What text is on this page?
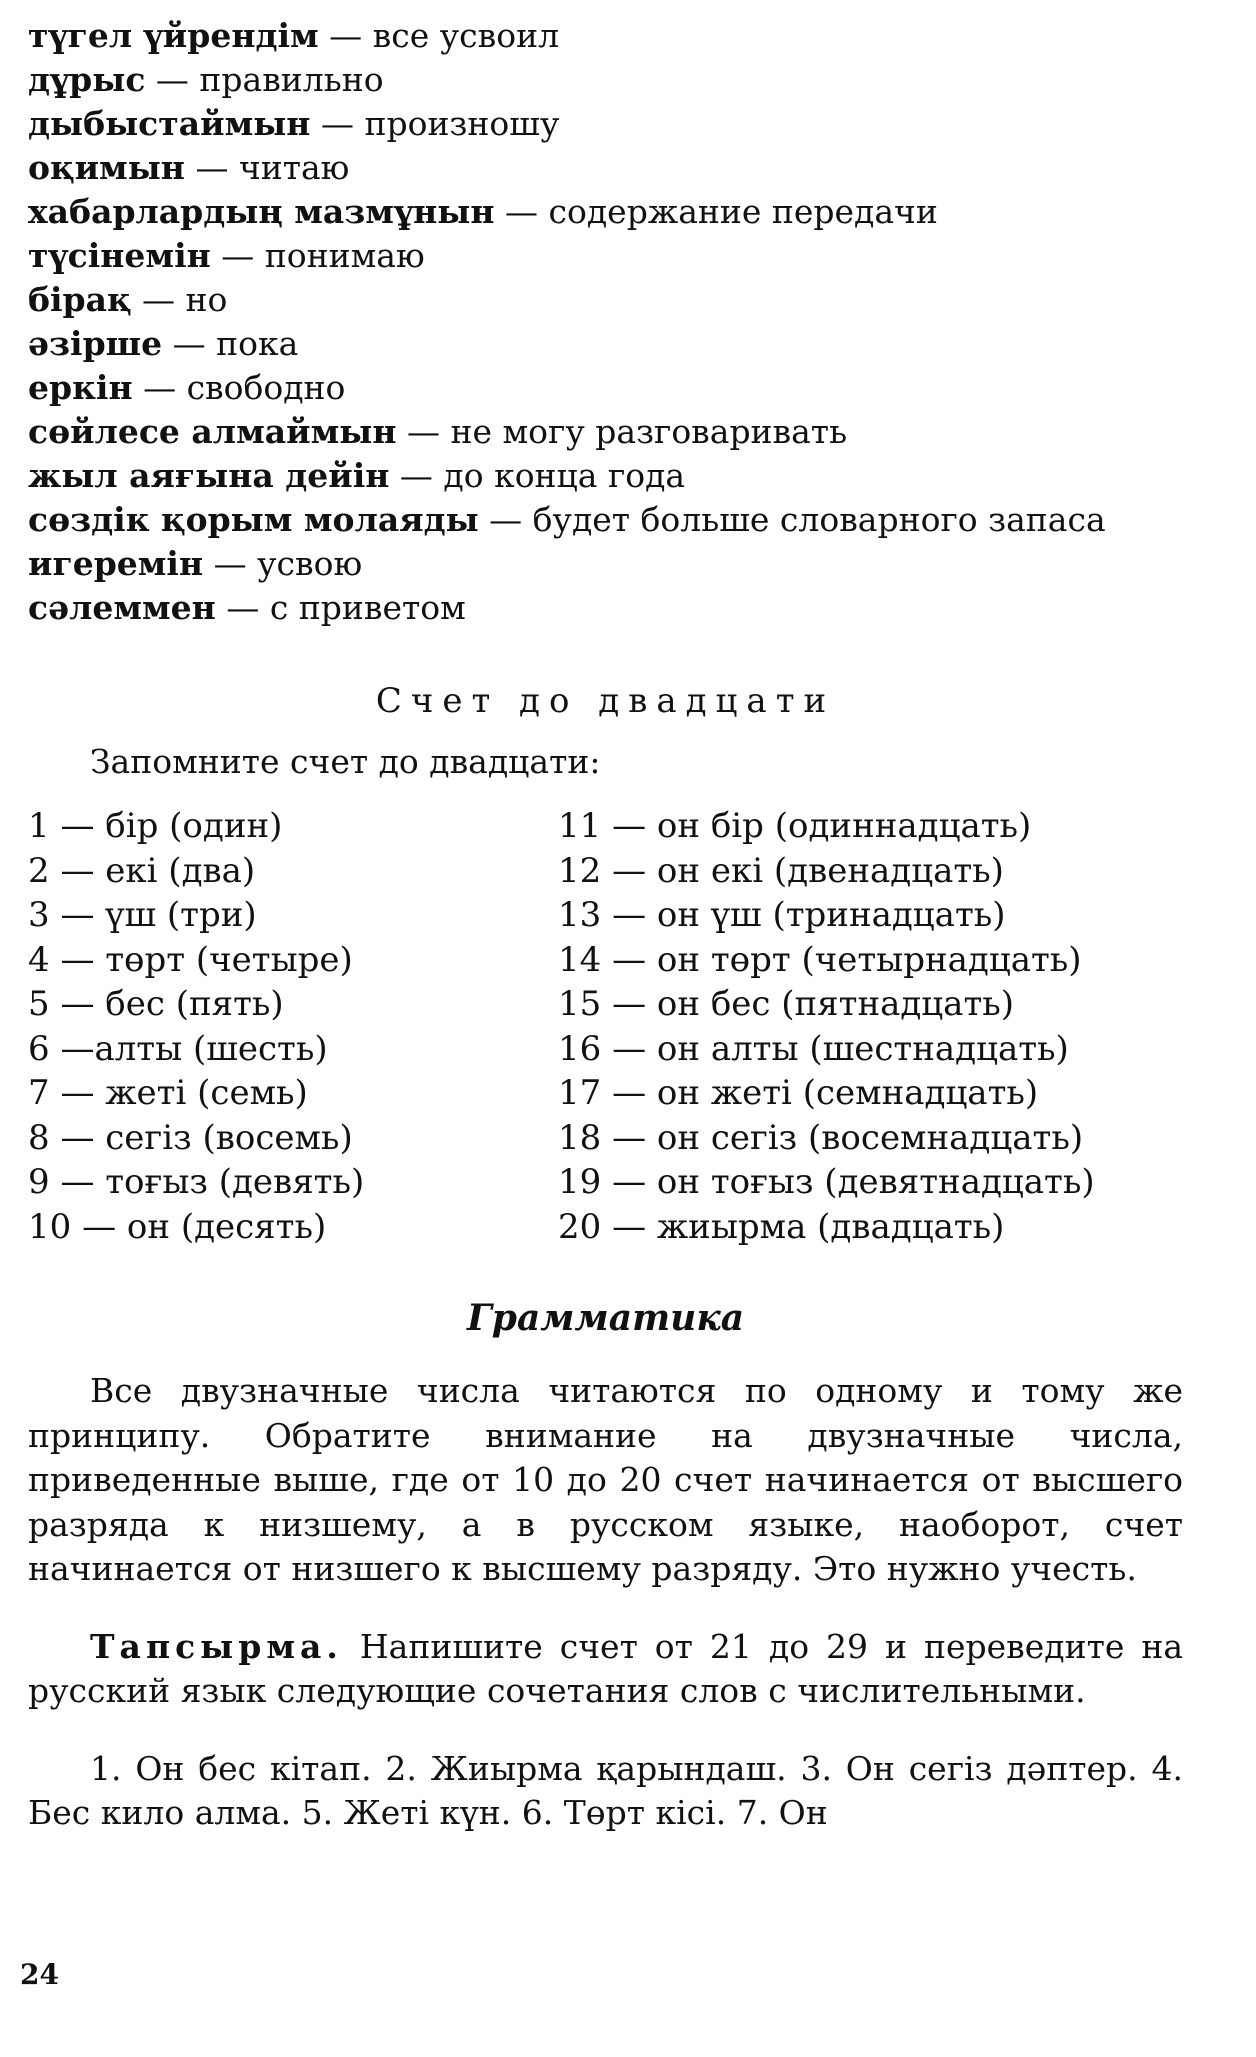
түгел үйрендім — все усвоил
дұрыс — правильно
дыбыстаймын — произношу
оқимын — читаю
хабарлардың мазмұнын — содержание передачи
түсінемін — понимаю
бірақ — но
әзірше — пока
еркін — свободно
сөйлесе алмаймын — не могу разговаривать
жыл аяғына дейін — до конца года
сөздік қорым молаяды — будет больше словарного запаса
игеремін — усвою
сәлеммен — с приветом
Счет до двадцати
Запомните счет до двадцати:
1 — бір (один)
2 — екі (два)
3 — үш (три)
4 — төрт (четыре)
5 — бес (пять)
6 —алты (шесть)
7 — жеті (семь)
8 — сегіз (восемь)
9 — тоғыз (девять)
10 — он (десять)
11 — он бір (одиннадцать)
12 — он екі (двенадцать)
13 — он үш (тринадцать)
14 — он төрт (четырнадцать)
15 — он бес (пятнадцать)
16 — он алты (шестнадцать)
17 — он жеті (семнадцать)
18 — он сегіз (восемнадцать)
19 — он тоғыз (девятнадцать)
20 — жиырма (двадцать)
Грамматика

Все двузначные числа читаются по одному и тому же принципу. Обратите внимание на двузначные числа, приведенные выше, где от 10 до 20 счет начинается от высшего разряда к низшему, а в русском языке, наоборот, счет начинается от низшего к высшему разряду. Это нужно учесть.

Тапсырма. Напишите счет от 21 до 29 и переведите на русский язык следующие сочетания слов с числительными.

1. Он бес кітап. 2. Жиырма қарындаш. 3. Он сегіз дәптер. 4. Бес кило алма. 5. Жеті күн. 6. Төрт кісі. 7. Он

24
